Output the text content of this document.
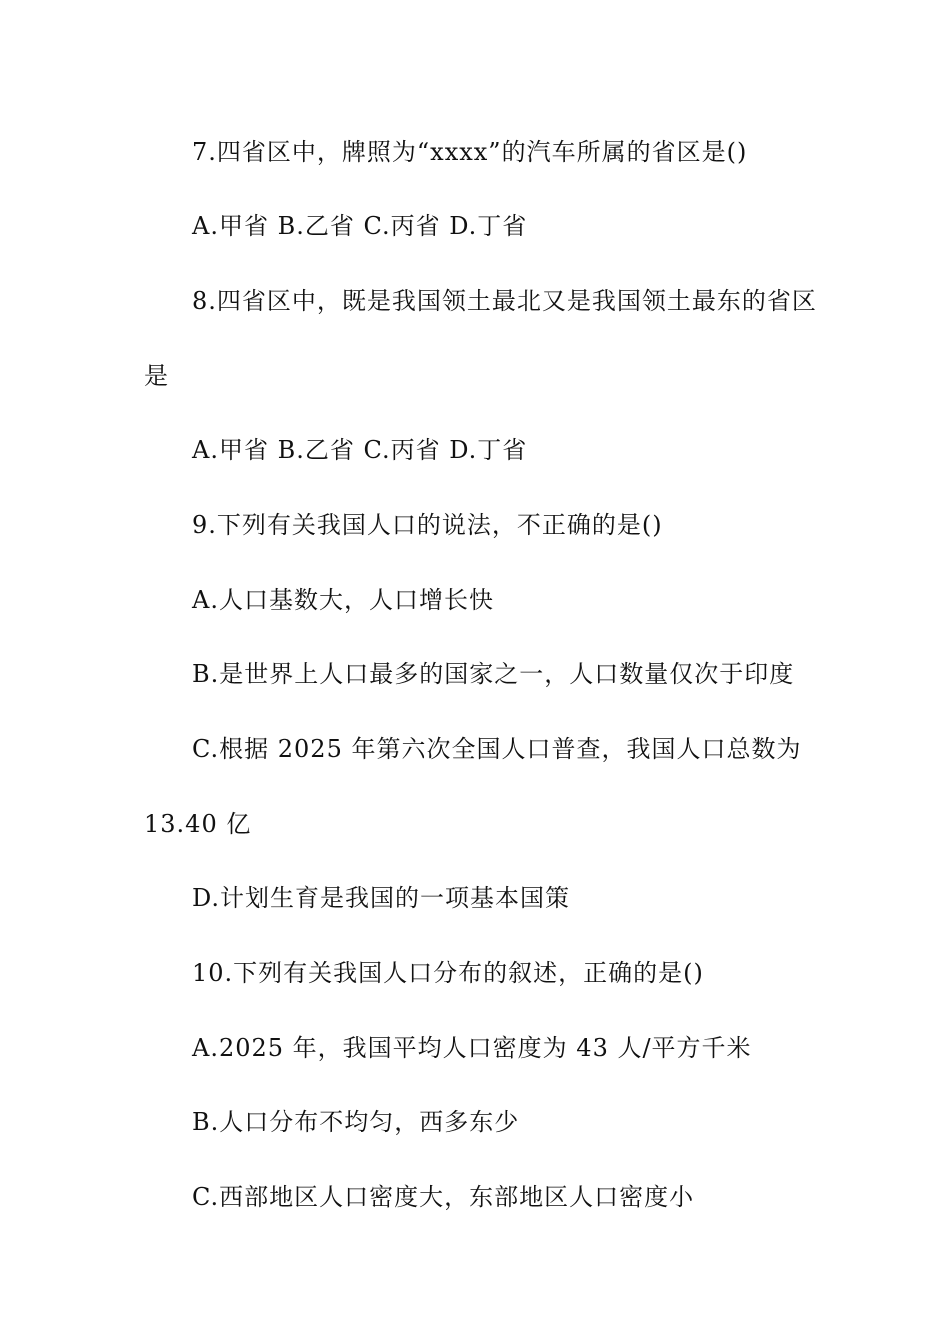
7.四省区中，牌照为“xxxx”的汽车所属的省区是()
A.甲省 B.乙省 C.丙省 D.丁省
8.四省区中，既是我国领土最北又是我国领土最东的省区
是
A.甲省 B.乙省 C.丙省 D.丁省
9.下列有关我国人口的说法，不正确的是()
A.人口基数大，人口增长快
B.是世界上人口最多的国家之一，人口数量仅次于印度
C.根据 2025 年第六次全国人口普查，我国人口总数为
13.40 亿
D.计划生育是我国的一项基本国策
10.下列有关我国人口分布的叙述，正确的是()
A.2025 年，我国平均人口密度为 43 人/平方千米
B.人口分布不均匀，西多东少
C.西部地区人口密度大，东部地区人口密度小
